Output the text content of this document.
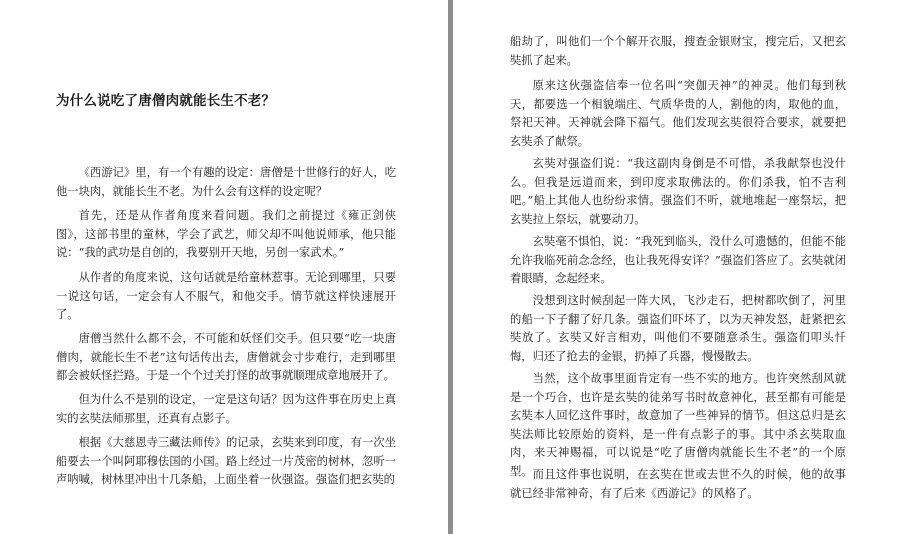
为什么说吃了唐僧肉就能长生不老？

《西游记》里，有一个有趣的设定：唐僧是十世修行的好人，吃他一块肉，就能长生不老。为什么会有这样的设定呢？

首先，还是从作者角度来看问题。我们之前提过《雍正剑侠图》，这部书里的童林，学会了武艺，师父却不叫他说师承，他只能说：“我的武功是自创的，我要别开天地，另创一家武术。”

从作者的角度来说，这句话就是给童林惹事。无论到哪里，只要一说这句话，一定会有人不服气，和他交手。情节就这样快速展开了。

唐僧当然什么都不会，不可能和妖怪们交手。但只要“吃一块唐僧肉，就能长生不老”这句话传出去，唐僧就会寸步难行，走到哪里都会被妖怪拦路。于是一个个过关打怪的故事就顺理成章地展开了。

但为什么不是别的设定，一定是这句话？因为这件事在历史上真实的玄奘法师那里，还真有点影子。

根据《大慈恩寺三藏法师传》的记录，玄奘来到印度，有一次坐船要去一个叫阿耶穆佉国的小国。路上经过一片茂密的树林，忽听一声呐喊，树林里冲出十几条船，上面坐着一伙强盗。强盗们把玄奘的

船劫了，叫他们一个个解开衣服，搜查金银财宝，搜完后，又把玄奘抓了起来。

原来这伙强盗信奉一位名叫“突伽天神”的神灵。他们每到秋天，都要选一个相貌端庄、气质华贵的人，割他的肉，取他的血，祭祀天神。天神就会降下福气。他们发现玄奘很符合要求，就要把玄奘杀了献祭。

玄奘对强盗们说：“我这副肉身倒是不可惜，杀我献祭也没什么。但我是远道而来，到印度求取佛法的。你们杀我，怕不吉利吧。”船上其他人也纷纷求情。强盗们不听，就地堆起一座祭坛，把玄奘拉上祭坛，就要动刀。

玄奘毫不惧怕，说：“我死到临头，没什么可遗憾的，但能不能允许我临死前念念经，也让我死得安详？”强盗们答应了。玄奘就闭着眼睛，念起经来。

没想到这时候刮起一阵大风，飞沙走石，把树都吹倒了，河里的船一下子翻了好几条。强盗们吓坏了，以为天神发怒，赶紧把玄奘放了。玄奘又好言相劝，叫他们不要随意杀生。强盗们叩头忏悔，归还了抢去的金银，扔掉了兵器，慢慢散去。

当然，这个故事里面肯定有一些不实的地方。也许突然刮风就是一个巧合，也许是玄奘的徒弟写书时故意神化，甚至都有可能是玄奘本人回忆这件事时，故意加了一些神异的情节。但这总归是玄奘法师比较原始的资料，是一件有点影子的事。其中杀玄奘取血肉，来天神赐福，可以说是“吃了唐僧肉就能长生不老”的一个原型。 而且这件事也说明，在玄奘在世或去世不久的时候，他的故事就已经非常神奇，有了后来《西游记》的风格了。
